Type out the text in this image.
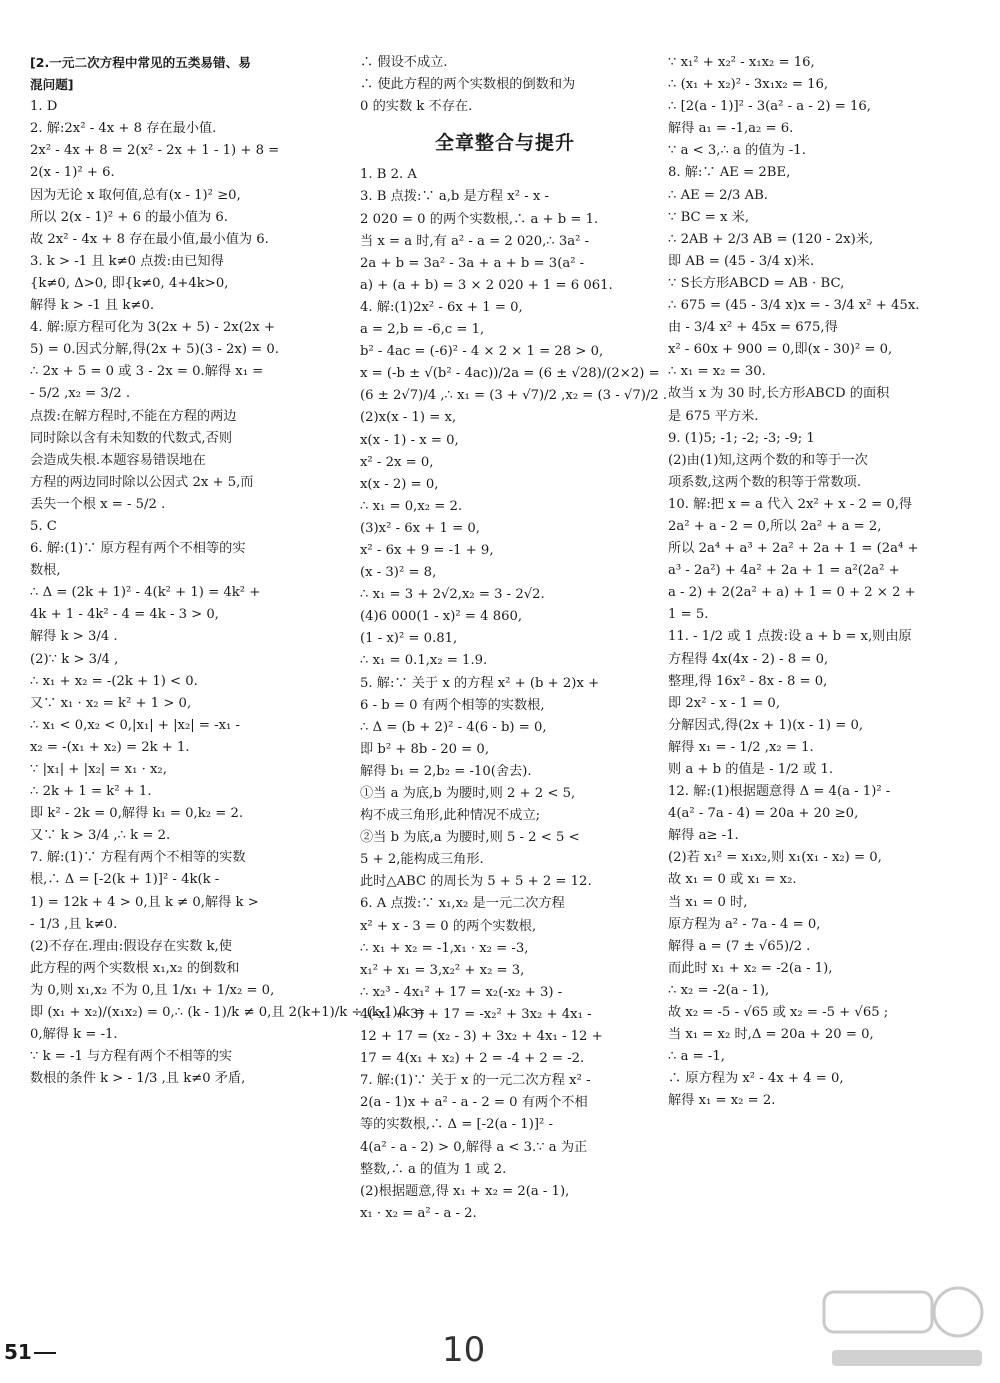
[2.一元二次方程中常见的五类易错、易
混问题]
1. D
2. 解:2x² - 4x + 8 存在最小值.
2x² - 4x + 8 = 2(x² - 2x + 1 - 1) + 8 =
2(x - 1)² + 6.
因为无论 x 取何值,总有(x - 1)² ≥0,
所以 2(x - 1)² + 6 的最小值为 6.
故 2x² - 4x + 8 存在最小值,最小值为 6.
3. k > -1 且 k≠0 点拨:由已知得
{k≠0, Δ>0, 即{k≠0, 4+4k>0,
解得 k > -1 且 k≠0.
4. 解:原方程可化为 3(2x + 5) - 2x(2x +
5) = 0.因式分解,得(2x + 5)(3 - 2x) = 0.
∴ 2x + 5 = 0 或 3 - 2x = 0.解得 x₁ =
- 5/2 ,x₂ = 3/2 .
点拨:在解方程时,不能在方程的两边
同时除以含有未知数的代数式,否则
会造成失根.本题容易错误地在
方程的两边同时除以公因式 2x + 5,而
丢失一个根 x = - 5/2 .
5. C
6. 解:(1)∵ 原方程有两个不相等的实
数根,
∴ Δ = (2k + 1)² - 4(k² + 1) = 4k² +
4k + 1 - 4k² - 4 = 4k - 3 > 0,
解得 k > 3/4 .
(2)∵ k > 3/4 ,
∴ x₁ + x₂ = -(2k + 1) < 0.
又∵ x₁ · x₂ = k² + 1 > 0,
∴ x₁ < 0,x₂ < 0,|x₁| + |x₂| = -x₁ -
x₂ = -(x₁ + x₂) = 2k + 1.
∵ |x₁| + |x₂| = x₁ · x₂,
∴ 2k + 1 = k² + 1.
即 k² - 2k = 0,解得 k₁ = 0,k₂ = 2.
又∵ k > 3/4 ,∴ k = 2.
7. 解:(1)∵ 方程有两个不相等的实数
根,∴ Δ = [-2(k + 1)]² - 4k(k -
1) = 12k + 4 > 0,且 k ≠ 0,解得 k >
- 1/3 ,且 k≠0.
(2)不存在.理由:假设存在实数 k,使
此方程的两个实数根 x₁,x₂ 的倒数和
为 0,则 x₁,x₂ 不为 0,且 1/x₁ + 1/x₂ = 0,
即 (x₁ + x₂)/(x₁x₂) = 0,∴ (k - 1)/k ≠ 0,且 2(k+1)/k ÷ (k-1)/k =
0,解得 k = -1.
∵ k = -1 与方程有两个不相等的实
数根的条件 k > - 1/3 ,且 k≠0 矛盾,
∴ 假设不成立.
∴ 使此方程的两个实数根的倒数和为
0 的实数 k 不存在.
全章整合与提升
1. B 2. A
3. B 点拨:∵ a,b 是方程 x² - x -
2 020 = 0 的两个实数根,∴ a + b = 1.
当 x = a 时,有 a² - a = 2 020,∴ 3a² -
2a + b = 3a² - 3a + a + b = 3(a² -
a) + (a + b) = 3 × 2 020 + 1 = 6 061.
4. 解:(1)2x² - 6x + 1 = 0,
a = 2,b = -6,c = 1,
b² - 4ac = (-6)² - 4 × 2 × 1 = 28 > 0,
x = (-b ± √(b² - 4ac))/2a = (6 ± √28)/(2×2) =
(6 ± 2√7)/4 ,∴ x₁ = (3 + √7)/2 ,x₂ = (3 - √7)/2 .
(2)x(x - 1) = x,
x(x - 1) - x = 0,
x² - 2x = 0,
x(x - 2) = 0,
∴ x₁ = 0,x₂ = 2.
(3)x² - 6x + 1 = 0,
x² - 6x + 9 = -1 + 9,
(x - 3)² = 8,
∴ x₁ = 3 + 2√2,x₂ = 3 - 2√2.
(4)6 000(1 - x)² = 4 860,
(1 - x)² = 0.81,
∴ x₁ = 0.1,x₂ = 1.9.
5. 解:∵ 关于 x 的方程 x² + (b + 2)x +
6 - b = 0 有两个相等的实数根,
∴ Δ = (b + 2)² - 4(6 - b) = 0,
即 b² + 8b - 20 = 0,
解得 b₁ = 2,b₂ = -10(舍去).
①当 a 为底,b 为腰时,则 2 + 2 < 5,
构不成三角形,此种情况不成立;
②当 b 为底,a 为腰时,则 5 - 2 < 5 <
5 + 2,能构成三角形.
此时△ABC 的周长为 5 + 5 + 2 = 12.
6. A 点拨:∵ x₁,x₂ 是一元二次方程
x² + x - 3 = 0 的两个实数根,
∴ x₁ + x₂ = -1,x₁ · x₂ = -3,
x₁² + x₁ = 3,x₂² + x₂ = 3,
∴ x₂³ - 4x₁² + 17 = x₂(-x₂ + 3) -
4(-x₁ + 3) + 17 = -x₂² + 3x₂ + 4x₁ -
12 + 17 = (x₂ - 3) + 3x₂ + 4x₁ - 12 +
17 = 4(x₁ + x₂) + 2 = -4 + 2 = -2.
7. 解:(1)∵ 关于 x 的一元二次方程 x² -
2(a - 1)x + a² - a - 2 = 0 有两个不相
等的实数根,∴ Δ = [-2(a - 1)]² -
4(a² - a - 2) > 0,解得 a < 3.∵ a 为正
整数,∴ a 的值为 1 或 2.
(2)根据题意,得 x₁ + x₂ = 2(a - 1),
x₁ · x₂ = a² - a - 2.
∵ x₁² + x₂² - x₁x₂ = 16,
∴ (x₁ + x₂)² - 3x₁x₂ = 16,
∴ [2(a - 1)]² - 3(a² - a - 2) = 16,
解得 a₁ = -1,a₂ = 6.
∵ a < 3,∴ a 的值为 -1.
8. 解:∵ AE = 2BE,
∴ AE = 2/3 AB.
∵ BC = x 米,
∴ 2AB + 2/3 AB = (120 - 2x)米,
即 AB = (45 - 3/4 x)米.
∵ S长方形ABCD = AB · BC,
∴ 675 = (45 - 3/4 x)x = - 3/4 x² + 45x.
由 - 3/4 x² + 45x = 675,得
x² - 60x + 900 = 0,即(x - 30)² = 0,
∴ x₁ = x₂ = 30.
故当 x 为 30 时,长方形ABCD 的面积
是 675 平方米.
9. (1)5; -1; -2; -3; -9; 1
(2)由(1)知,这两个数的和等于一次
项系数,这两个数的积等于常数项.
10. 解:把 x = a 代入 2x² + x - 2 = 0,得
2a² + a - 2 = 0,所以 2a² + a = 2,
所以 2a⁴ + a³ + 2a² + 2a + 1 = (2a⁴ +
a³ - 2a²) + 4a² + 2a + 1 = a²(2a² +
a - 2) + 2(2a² + a) + 1 = 0 + 2 × 2 +
1 = 5.
11. - 1/2 或 1 点拨:设 a + b = x,则由原
方程得 4x(4x - 2) - 8 = 0,
整理,得 16x² - 8x - 8 = 0,
即 2x² - x - 1 = 0,
分解因式,得(2x + 1)(x - 1) = 0,
解得 x₁ = - 1/2 ,x₂ = 1.
则 a + b 的值是 - 1/2 或 1.
12. 解:(1)根据题意得 Δ = 4(a - 1)² -
4(a² - 7a - 4) = 20a + 20 ≥0,
解得 a≥ -1.
(2)若 x₁² = x₁x₂,则 x₁(x₁ - x₂) = 0,
故 x₁ = 0 或 x₁ = x₂.
当 x₁ = 0 时,
原方程为 a² - 7a - 4 = 0,
解得 a = (7 ± √65)/2 .
而此时 x₁ + x₂ = -2(a - 1),
∴ x₂ = -2(a - 1),
故 x₂ = -5 - √65 或 x₂ = -5 + √65 ;
当 x₁ = x₂ 时,Δ = 20a + 20 = 0,
∴ a = -1,
∴ 原方程为 x² - 4x + 4 = 0,
解得 x₁ = x₂ = 2.
51	10
